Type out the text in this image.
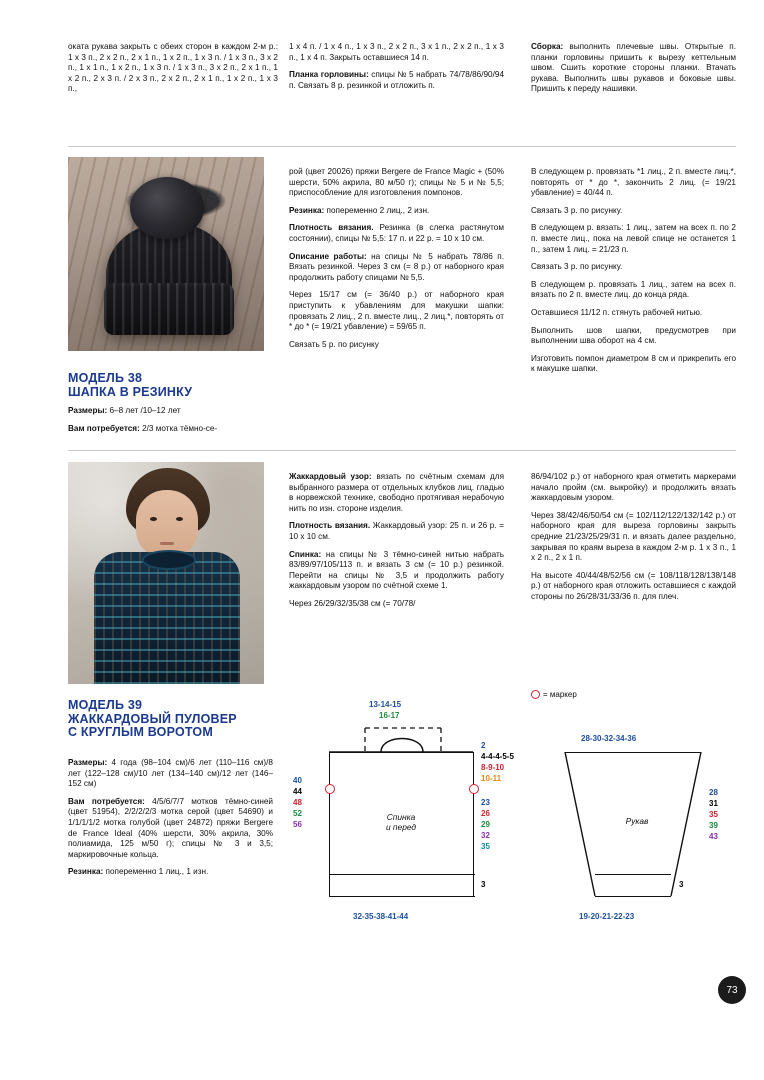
оката рукава закрыть с обеих сторон в каждом 2-м р.: 1 х 3 п., 2 х 2 п., 2 х 1 п., 1 х 2 п., 1 х 3 п. / 1 х 3 п., 3 х 2 п., 1 х 1 п., 1 х 2 п., 1 х 3 п. / 1 х 3 п., 3 х 2 п., 2 х 1 п., 1 х 2 п., 2 х 3 п. / 2 х 3 п., 2 х 2 п., 2 х 1 п., 1 х 2 п., 1 х 3 п.,

1 х 4 п. / 1 х 4 п., 1 х 3 п., 2 х 2 п., 3 х 1 п., 2 х 2 п., 1 х 3 п., 1 х 4 п. Закрыть оставшиеся 14 п.

Планка горловины: спицы № 5 набрать 74/78/86/90/94 п. Связать 8 р. резинкой и отложить п.

Сборка: выполнить плечевые швы. Открытые п. планки горловины пришить к вырезу кеттельным швом. Сшить короткие стороны планки. Втачать рукава. Выполнить швы рукавов и боковые швы. Пришить к переду нашивки.

МОДЕЛЬ 38
ШАПКА В РЕЗИНКУ

Размеры: 6–8 лет /10–12 лет

Вам потребуется: 2/3 мотка тёмно-се-

рой (цвет 20026) пряжи Bergere de France Magic + (50% шерсти, 50% акрила, 80 м/50 г); спицы № 5 и № 5,5; приспособление для изготовления помпонов.

Резинка: попеременно 2 лиц., 2 изн.

Плотность вязания. Резинка (в слегка растянутом состоянии), спицы № 5,5: 17 п. и 22 р. = 10 х 10 см.

Описание работы: на спицы № 5 набрать 78/86 п. Вязать резинкой. Через 3 см (= 8 р.) от наборного края продолжить работу спицами № 5,5.

Через 15/17 см (= 36/40 р.) от наборного края приступить к убавлениям для макушки шапки: провязать 2 лиц., 2 п. вместе лиц., 2 лиц.*, повторять от * до * (= 19/21 убавление) = 59/65 п.

Связать 5 р. по рисунку

В следующем р. провязать *1 лиц., 2 п. вместе лиц.*, повторять от * до *, закончить 2 лиц. (= 19/21 убавление) = 40/44 п.

Связать 3 р. по рисунку.

В следующем р. вязать: 1 лиц., затем на всех п. по 2 п. вместе лиц., пока на левой спице не останется 1 п., затем 1 лиц. = 21/23 п.

Связать 3 р. по рисунку.

В следующем р. провязать 1 лиц., затем на всех п. вязать по 2 п. вместе лиц. до конца ряда.

Оставшиеся 11/12 п. стянуть рабочей нитью.

Выполнить шов шапки, предусмотрев при выполнении шва оборот на 4 см.

Изготовить помпон диаметром 8 см и прикрепить его к макушке шапки.

МОДЕЛЬ 39
ЖАККАРДОВЫЙ ПУЛОВЕР
С КРУГЛЫМ ВОРОТОМ

Размеры: 4 года (98–104 см)/6 лет (110–116 см)/8 лет (122–128 см)/10 лет (134–140 см)/12 лет (146–152 см)

Вам потребуется: 4/5/6/7/7 мотков тёмно-синей (цвет 51954), 2/2/2/2/3 мотка серой (цвет 54690) и 1/1/1/1/2 мотка голубой (цвет 24872) пряжи Bergere de France Ideal (40% шерсти, 30% акрила, 30% полиамида, 125 м/50 г); спицы № 3 и 3,5; маркировочные кольца.

Резинка: попеременно 1 лиц., 1 изн.

Жаккардовый узор: вязать по счётным схемам для выбранного размера от отдельных клубков лиц. гладью в норвежской технике, свободно протягивая нерабочую нить по изн. стороне изделия.

Плотность вязания. Жаккардовый узор: 25 п. и 26 р. = 10 х 10 см.

Спинка: на спицы № 3 тёмно-синей нитью набрать 83/89/97/105/113 п. и вязать 3 см (= 10 р.) резинкой. Перейти на спицы № 3,5 и продолжить работу жаккардовым узором по счётной схеме 1.

Через 26/29/32/35/38 см (= 70/78/

86/94/102 р.) от наборного края отметить маркерами начало пройм (см. выкройку) и продолжить вязать жаккардовым узором.

Через 38/42/46/50/54 см (= 102/112/122/132/142 р.) от наборного края для выреза горловины закрыть средние 21/23/25/29/31 п. и вязать далее раздельно, закрывая по краям выреза в каждом 2-м р. 1 х 3 п., 1 х 2 п., 2 х 1 п.

На высоте 40/44/48/52/56 см (= 108/118/128/138/148 р.) от наборного края отложить оставшиеся с каждой стороны по 26/28/31/33/36 п. для плеч.

= маркер
Спинка
и перед
13-14-15
16-17
40
44
48
52
56
2
4-4-4-5-5
8-9-10
10-11
23
26
29
32
35
3
32-35-38-41-44
Рукав
28-30-32-34-36
19-20-21-22-23
28
31
35
39
43
3
73
